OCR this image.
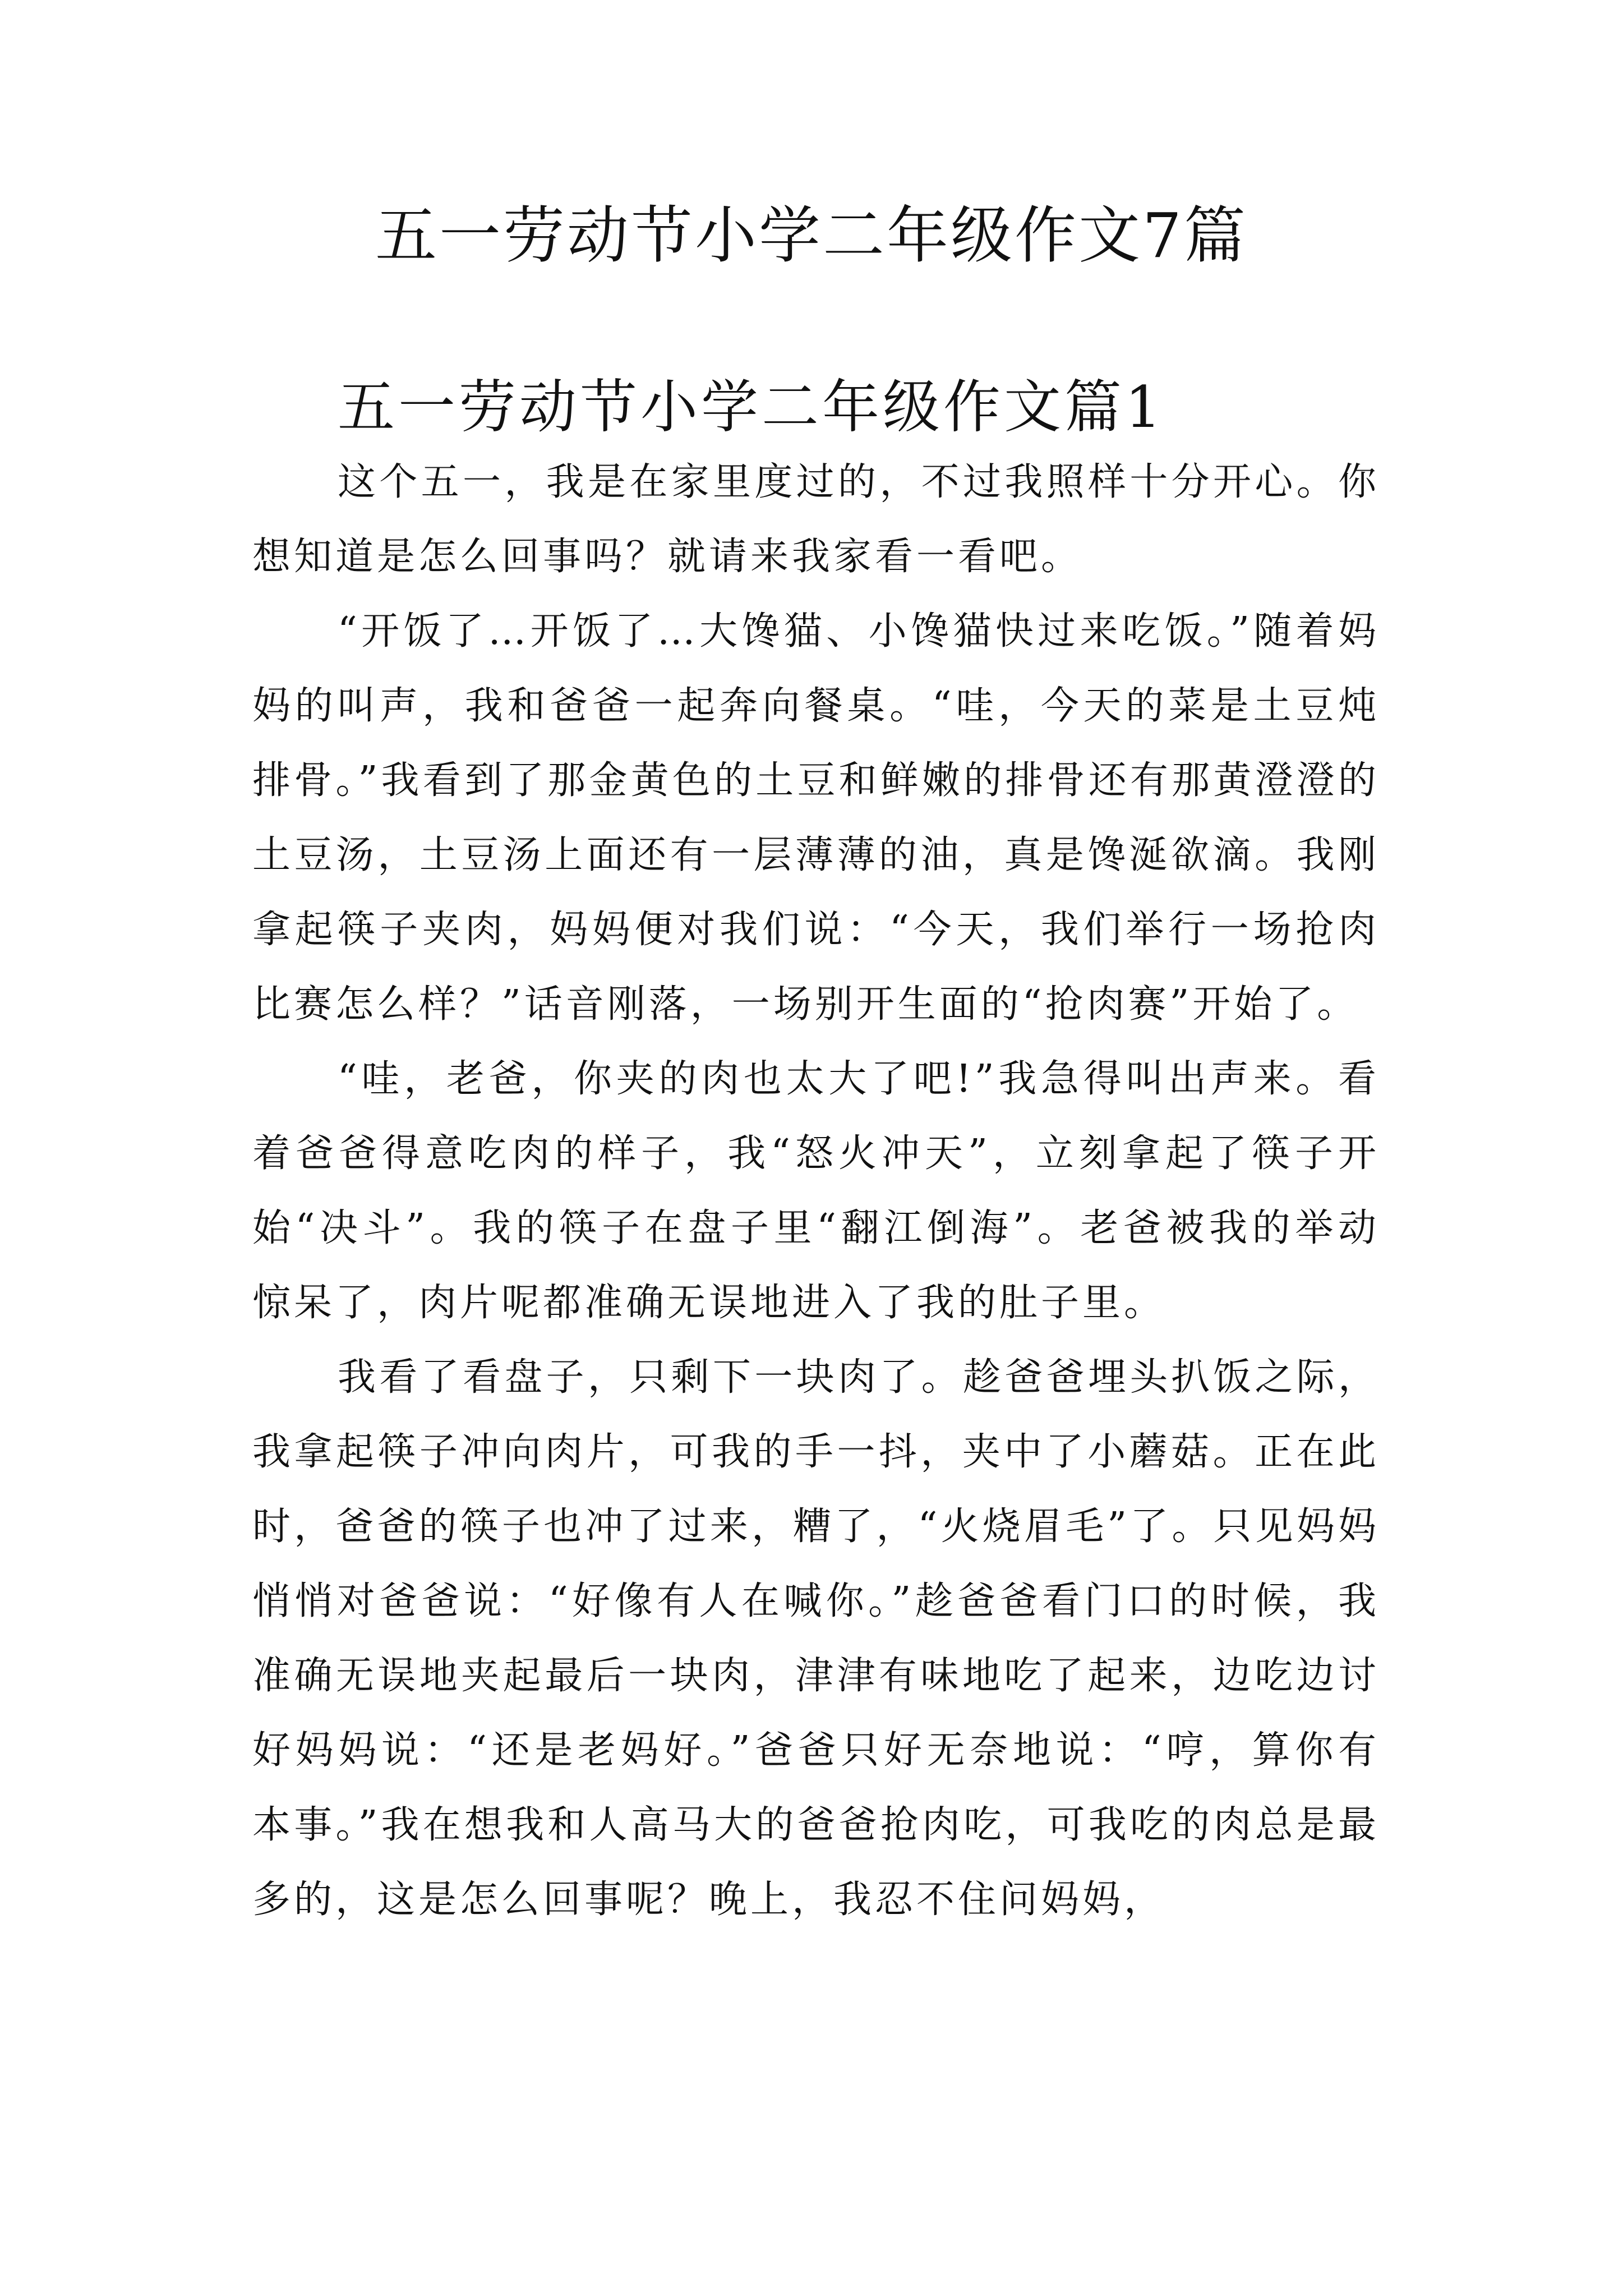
五一劳动节小学二年级作文7篇
五一劳动节小学二年级作文篇1

这个五一，我是在家里度过的，不过我照样十分开心。你想知道是怎么回事吗？就请来我家看一看吧。

“开饭了…开饭了…大馋猫、小馋猫快过来吃饭。”随着妈妈的叫声，我和爸爸一起奔向餐桌。“哇，今天的菜是土豆炖排骨。”我看到了那金黄色的土豆和鲜嫩的排骨还有那黄澄澄的土豆汤，土豆汤上面还有一层薄薄的油，真是馋涎欲滴。我刚拿起筷子夹肉，妈妈便对我们说：“今天，我们举行一场抢肉比赛怎么样？”话音刚落，一场别开生面的“抢肉赛”开始了。

“哇，老爸，你夹的肉也太大了吧!”我急得叫出声来。看着爸爸得意吃肉的样子，我“怒火冲天”，立刻拿起了筷子开始“决斗”。我的筷子在盘子里“翻江倒海”。老爸被我的举动惊呆了，肉片呢都准确无误地进入了我的肚子里。

我看了看盘子，只剩下一块肉了。趁爸爸埋头扒饭之际，我拿起筷子冲向肉片，可我的手一抖，夹中了小蘑菇。正在此时，爸爸的筷子也冲了过来，糟了，“火烧眉毛”了。只见妈妈悄悄对爸爸说：“好像有人在喊你。”趁爸爸看门口的时候，我准确无误地夹起最后一块肉，津津有味地吃了起来，边吃边讨好妈妈说：“还是老妈好。”爸爸只好无奈地说：“哼，算你有本事。”我在想我和人高马大的爸爸抢肉吃，可我吃的肉总是最多的，这是怎么回事呢？晚上，我忍不住问妈妈，
